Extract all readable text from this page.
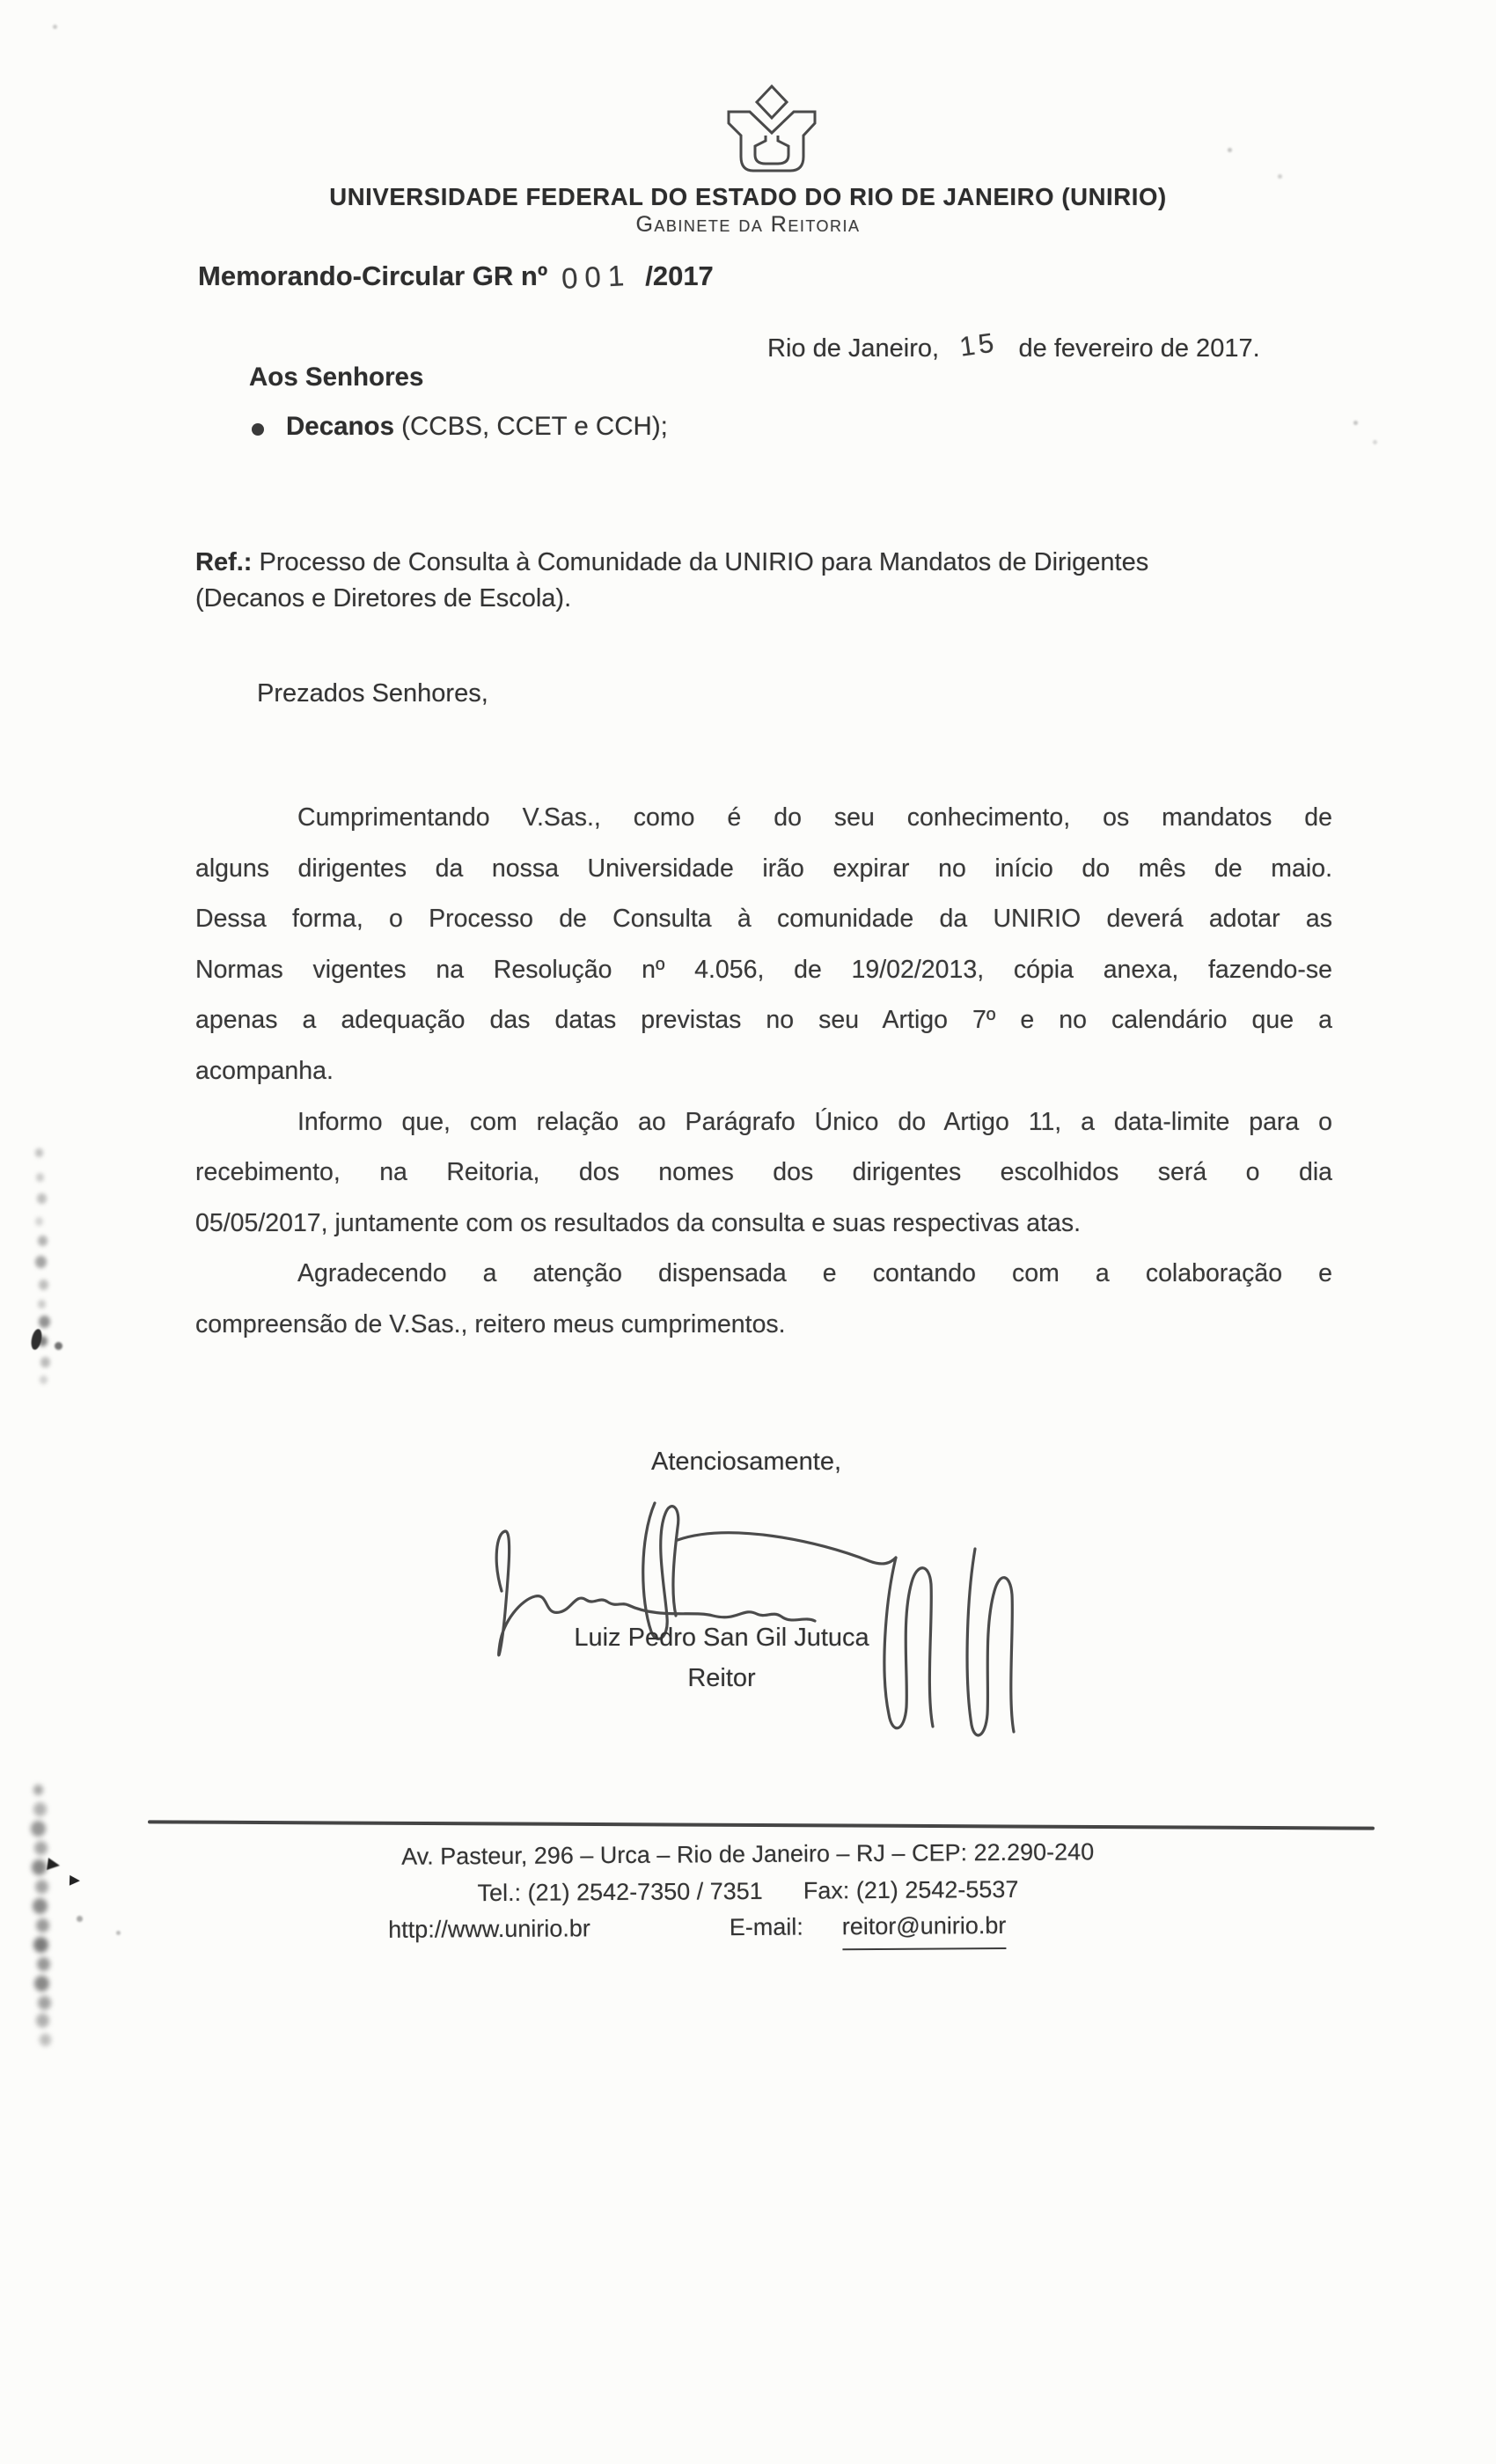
UNIVERSIDADE FEDERAL DO ESTADO DO RIO DE JANEIRO (UNIRIO)
Gabinete da Reitoria
Memorando-Circular GR nº 001 /2017
Rio de Janeiro, 15 de fevereiro de 2017.
Aos Senhores
Decanos (CCBS, CCET e CCH);
Ref.: Processo de Consulta à Comunidade da UNIRIO para Mandatos de Dirigentes
(Decanos e Diretores de Escola).
Prezados Senhores,
Cumprimentando V.Sas., como é do seu conhecimento, os mandatos de
alguns dirigentes da nossa Universidade irão expirar no início do mês de maio.
Dessa forma, o Processo de Consulta à comunidade da UNIRIO deverá adotar as
Normas vigentes na Resolução nº 4.056, de 19/02/2013, cópia anexa, fazendo-se
apenas a adequação das datas previstas no seu Artigo 7º e no calendário que a
acompanha.
Informo que, com relação ao Parágrafo Único do Artigo 11, a data-limite para o
recebimento, na Reitoria, dos nomes dos dirigentes escolhidos será o dia
05/05/2017, juntamente com os resultados da consulta e suas respectivas atas.
Agradecendo a atenção dispensada e contando com a colaboração e
compreensão de V.Sas., reitero meus cumprimentos.
Atenciosamente,
Luiz Pedro San Gil Jutuca
Reitor
Av. Pasteur, 296 – Urca – Rio de Janeiro – RJ – CEP: 22.290-240
Tel.: (21) 2542-7350 / 7351 Fax: (21) 2542-5537
http://www.unirio.br	E-mail: reitor@unirio.br
